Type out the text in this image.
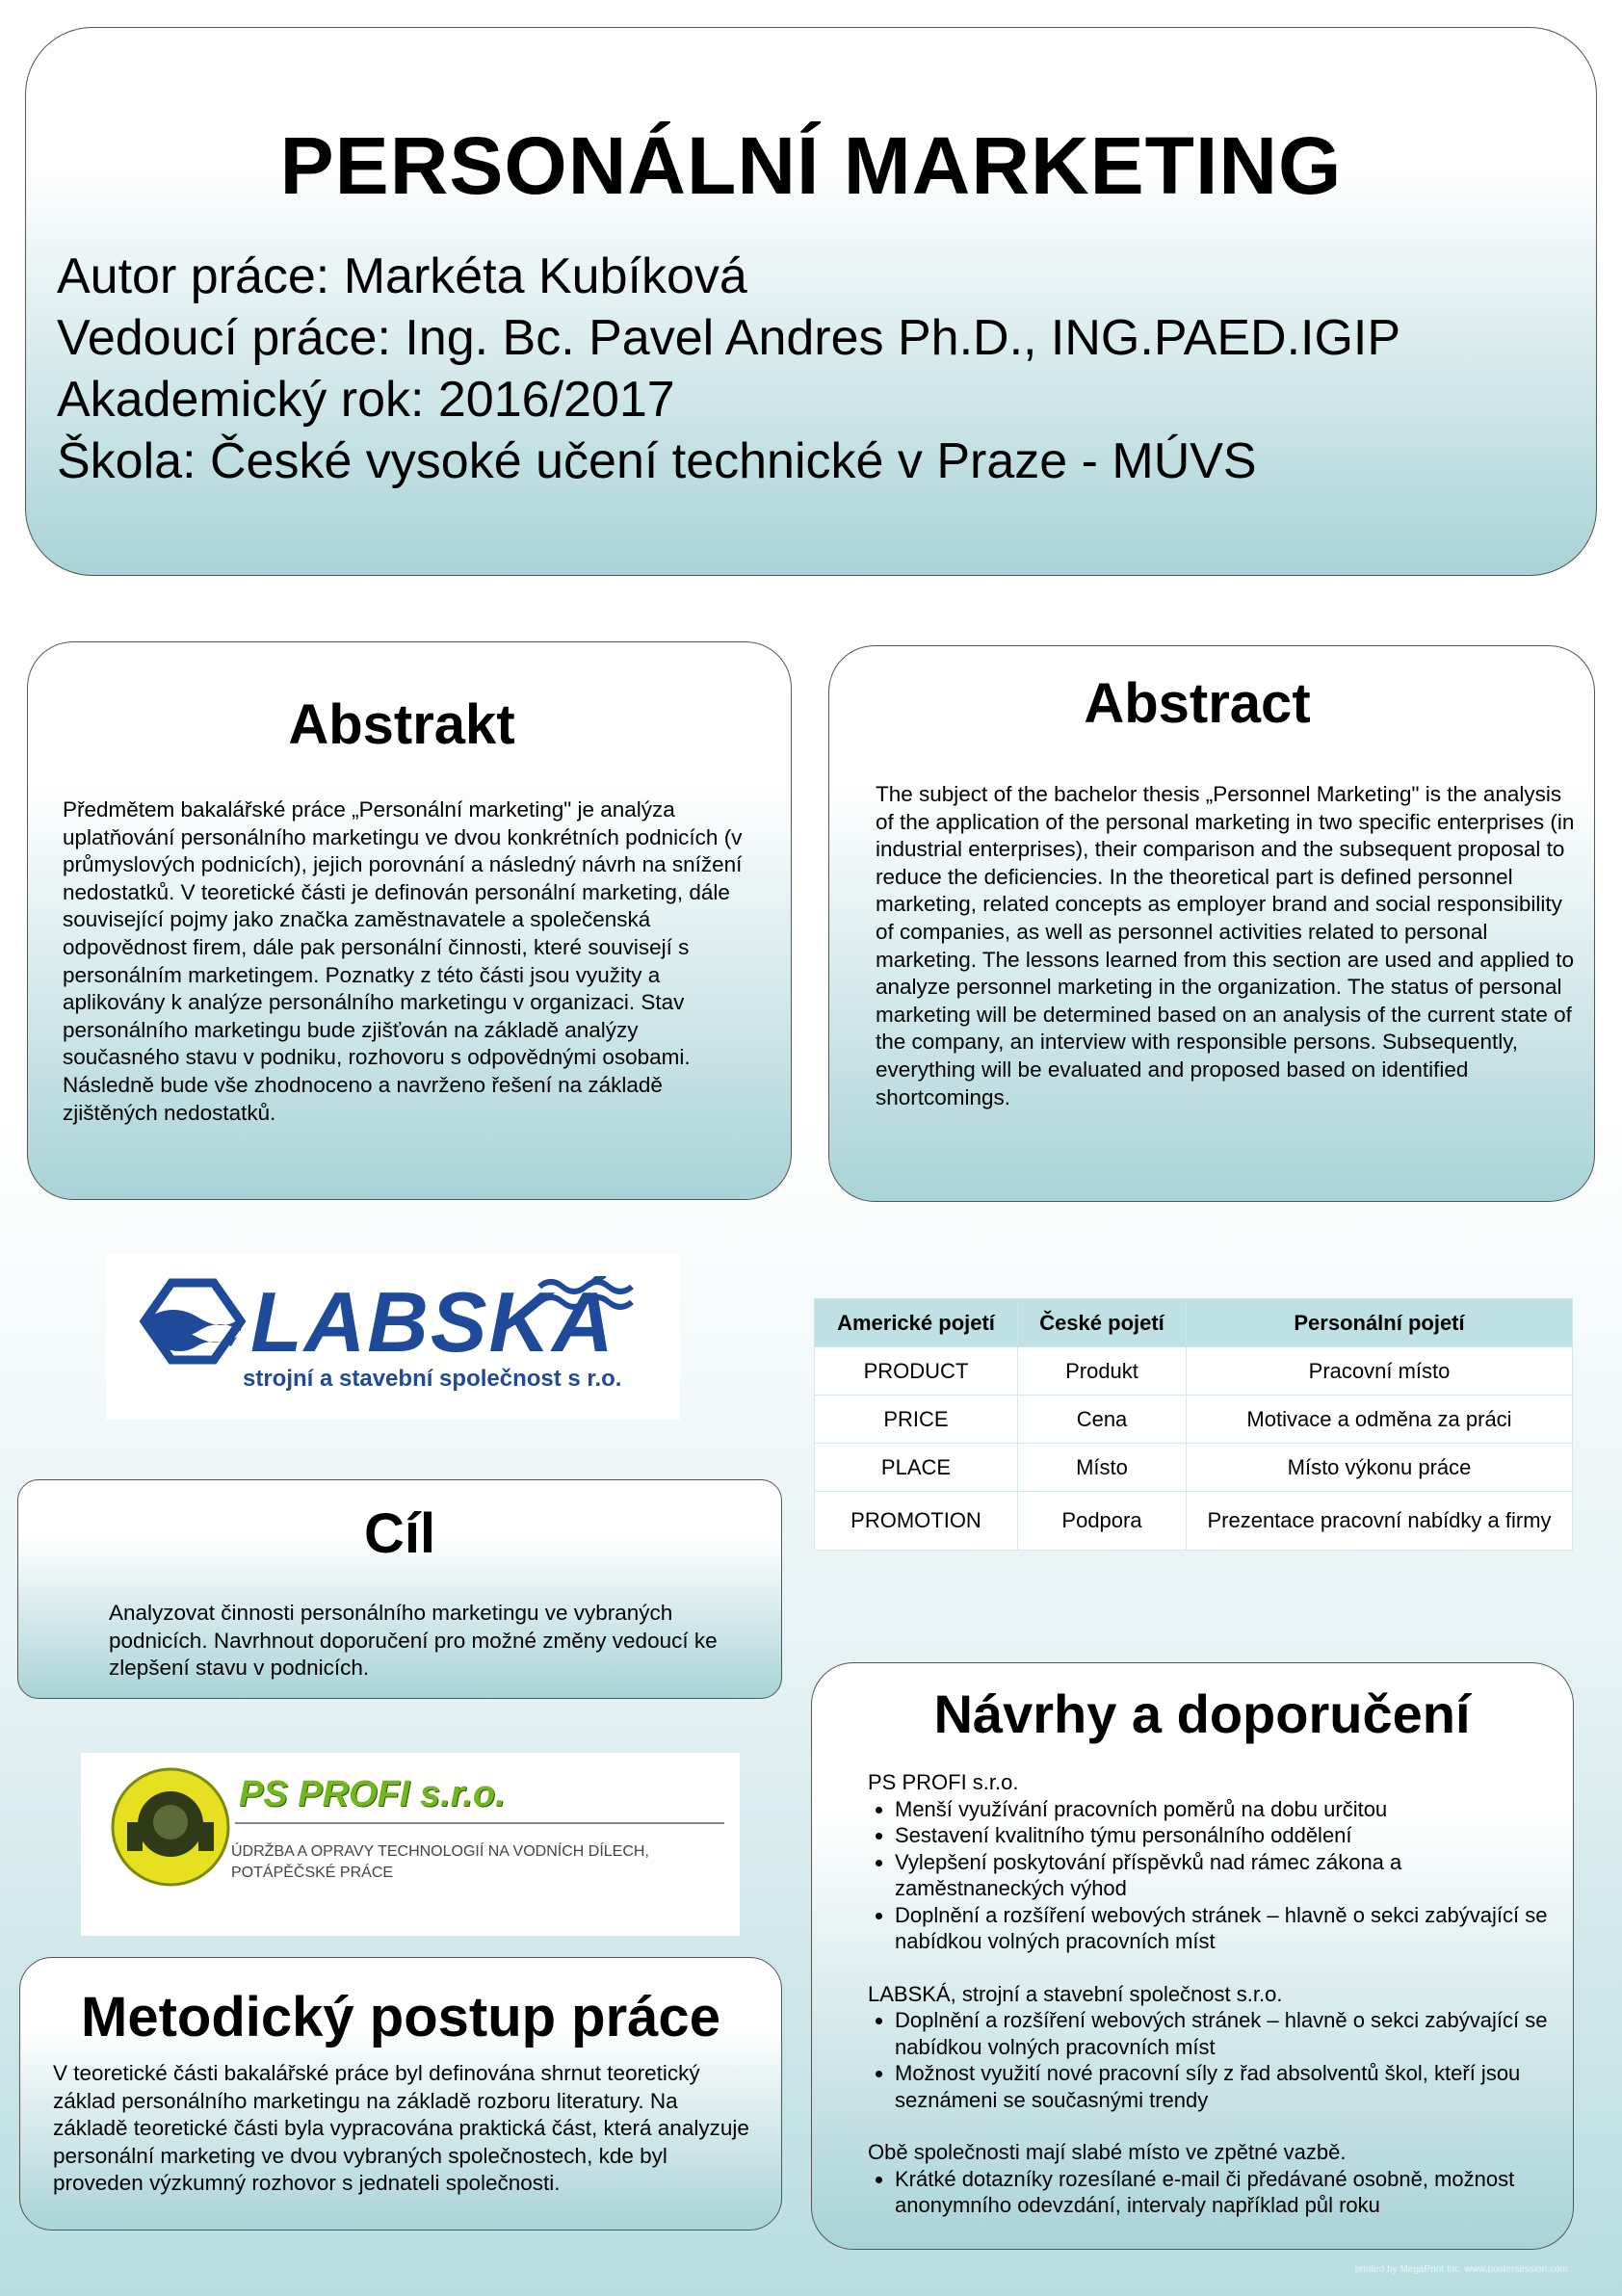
PERSONÁLNÍ MARKETING
Autor práce: Markéta Kubíková
Vedoucí práce: Ing. Bc. Pavel Andres Ph.D., ING.PAED.IGIP
Akademický rok: 2016/2017
Škola: České vysoké učení technické v Praze - MÚVS
Abstrakt
Předmětem bakalářské práce „Personální marketing" je analýza uplatňování personálního marketingu ve dvou konkrétních podnicích (v průmyslových podnicích), jejich porovnání a následný návrh na snížení nedostatků. V teoretické části je definován personální marketing, dále související pojmy jako značka zaměstnavatele a společenská odpovědnost firem, dále pak personální činnosti, které souvisejí s personálním marketingem. Poznatky z této části jsou využity a aplikovány k analýze personálního marketingu v organizaci. Stav personálního marketingu bude zjišťován na základě analýzy současného stavu v podniku, rozhovoru s odpovědnými osobami. Následně bude vše zhodnoceno a navrženo řešení na základě zjištěných nedostatků.
Abstract
The subject of the bachelor thesis „Personnel Marketing" is the analysis of the application of the personal marketing in two specific enterprises (in industrial enterprises), their comparison and the subsequent proposal to reduce the deficiencies. In the theoretical part is defined personnel marketing, related concepts as employer brand and social responsibility of companies, as well as personnel activities related to personal marketing. The lessons learned from this section are used and applied to analyze personnel marketing in the organization. The status of personal marketing will be determined based on an analysis of the current state of the company, an interview with responsible persons. Subsequently, everything will be evaluated and proposed based on identified shortcomings.
LABSKÁ
strojní a stavební společnost s r.o.
Americké pojetí	České pojetí	Personální pojetí
PRODUCT	Produkt	Pracovní místo
PRICE	Cena	Motivace a odměna za práci
PLACE	Místo	Místo výkonu práce
PROMOTION	Podpora	Prezentace pracovní nabídky a firmy
Cíl
Analyzovat činnosti personálního marketingu ve vybraných podnicích. Navrhnout doporučení pro možné změny vedoucí ke zlepšení stavu v podnicích.
PS PROFI s.r.o.
ÚDRŽBA A OPRAVY TECHNOLOGIÍ NA VODNÍCH DÍLECH,
POTÁPĚČSKÉ PRÁCE
Metodický postup práce
V teoretické části bakalářské práce byl definována shrnut teoretický základ personálního marketingu na základě rozboru literatury. Na základě teoretické části byla vypracována praktická část, která analyzuje personální marketing ve dvou vybraných společnostech, kde byl proveden výzkumný rozhovor s jednateli společnosti.
Návrhy a doporučení
PS PROFI s.r.o.
• Menší využívání pracovních poměrů na dobu určitou
• Sestavení kvalitního týmu personálního oddělení
• Vylepšení poskytování příspěvků nad rámec zákona a zaměstnaneckých výhod
• Doplnění a rozšíření webových stránek – hlavně o sekci zabývající se nabídkou volných pracovních míst
LABSKÁ, strojní a stavební společnost s.r.o.
• Doplnění a rozšíření webových stránek – hlavně o sekci zabývající se nabídkou volných pracovních míst
• Možnost využití nové pracovní síly z řad absolventů škol, kteří jsou seznámeni se současnými trendy
Obě společnosti mají slabé místo ve zpětné vazbě.
• Krátké dotazníky rozesílané e-mail či předávané osobně, možnost anonymního odevzdání, intervaly například půl roku
printed by MegaPrint Inc. www.postersession.com
